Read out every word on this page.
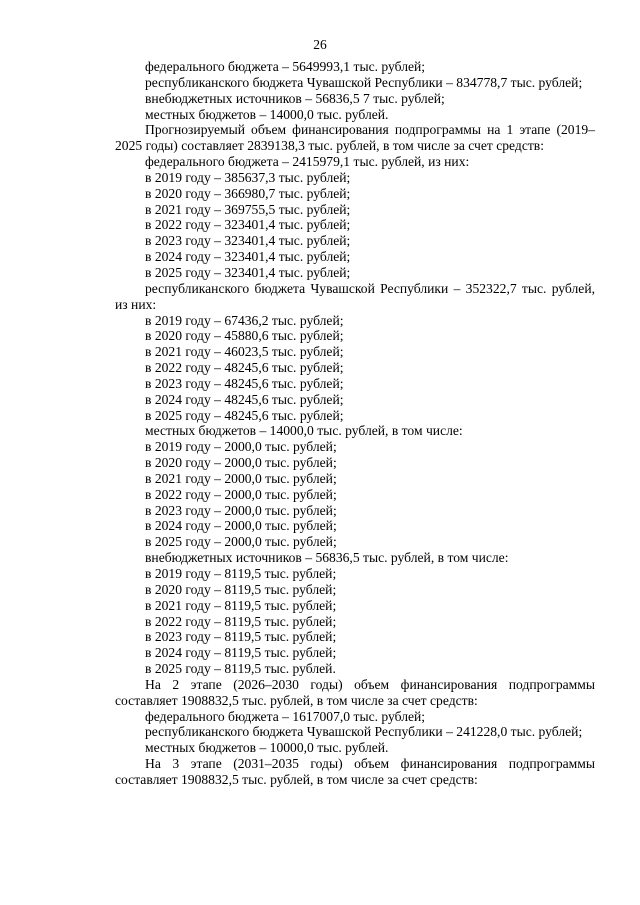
26

федерального бюджета – 5649993,1 тыс. рублей;

республиканского бюджета Чувашской Республики – 834778,7 тыс. рублей;

внебюджетных источников – 56836,5 7 тыс. рублей;

местных бюджетов – 14000,0 тыс. рублей.

Прогнозируемый объем финансирования подпрограммы на 1 этапе (2019–2025 годы) составляет 2839138,3 тыс. рублей, в том числе за счет средств:

федерального бюджета – 2415979,1 тыс. рублей, из них:

в 2019 году – 385637,3 тыс. рублей;

в 2020 году – 366980,7 тыс. рублей;

в 2021 году – 369755,5 тыс. рублей;

в 2022 году – 323401,4 тыс. рублей;

в 2023 году – 323401,4 тыс. рублей;

в 2024 году – 323401,4 тыс. рублей;

в 2025 году – 323401,4 тыс. рублей;

республиканского бюджета Чувашской Республики – 352322,7 тыс. рублей, из них:

в 2019 году – 67436,2 тыс. рублей;

в 2020 году – 45880,6 тыс. рублей;

в 2021 году – 46023,5 тыс. рублей;

в 2022 году – 48245,6 тыс. рублей;

в 2023 году – 48245,6 тыс. рублей;

в 2024 году – 48245,6 тыс. рублей;

в 2025 году – 48245,6 тыс. рублей;

местных бюджетов – 14000,0 тыс. рублей, в том числе:

в 2019 году – 2000,0 тыс. рублей;

в 2020 году – 2000,0 тыс. рублей;

в 2021 году – 2000,0 тыс. рублей;

в 2022 году – 2000,0 тыс. рублей;

в 2023 году – 2000,0 тыс. рублей;

в 2024 году – 2000,0 тыс. рублей;

в 2025 году – 2000,0 тыс. рублей;

внебюджетных источников – 56836,5 тыс. рублей, в том числе:

в 2019 году – 8119,5 тыс. рублей;

в 2020 году – 8119,5 тыс. рублей;

в 2021 году – 8119,5 тыс. рублей;

в 2022 году – 8119,5 тыс. рублей;

в 2023 году – 8119,5 тыс. рублей;

в 2024 году – 8119,5 тыс. рублей;

в 2025 году – 8119,5 тыс. рублей.

На 2 этапе (2026–2030 годы) объем финансирования подпрограммы составляет 1908832,5 тыс. рублей, в том числе за счет средств:

федерального бюджета – 1617007,0 тыс. рублей;

республиканского бюджета Чувашской Республики – 241228,0 тыс. рублей;

местных бюджетов – 10000,0 тыс. рублей.

На 3 этапе (2031–2035 годы) объем финансирования подпрограммы составляет 1908832,5 тыс. рублей, в том числе за счет средств:
